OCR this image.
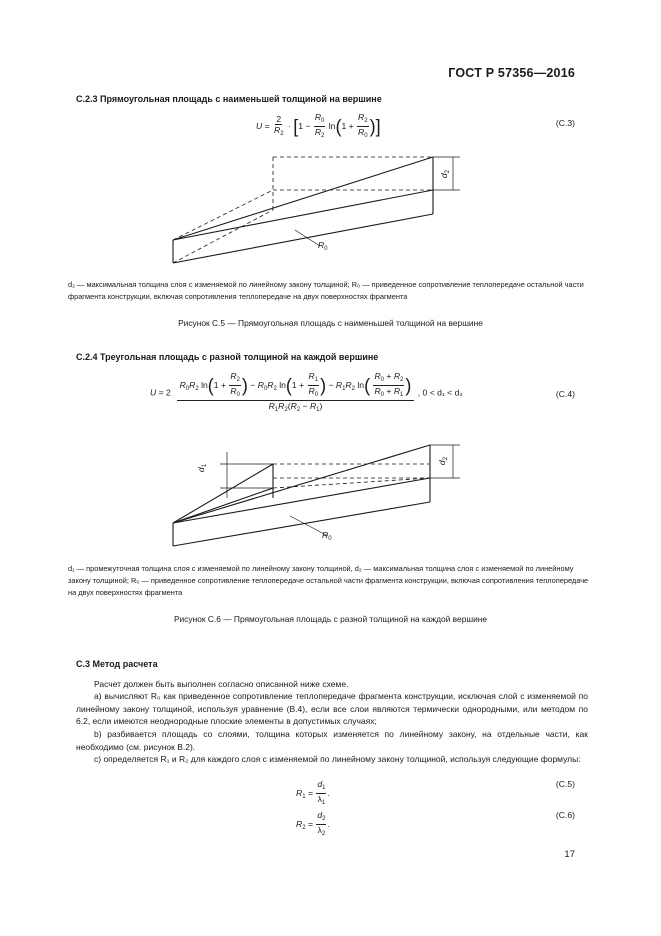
ГОСТ Р 57356—2016
С.2.3 Прямоугольная площадь с наименьшей толщиной на вершине
$U = \frac{2}{R_2} \cdot [1 - \frac{R_0}{R_2} \ln(1 + \frac{R_2}{R_0}$ )]	(С.3)
$d_2$
$R_0$
d₂ — максимальная толщина слоя с изменяемой по линейному закону толщиной; R₀ — приведенное сопротивление теплопередаче остальной части фрагмента конструкции, включая сопротивления теплопередаче на двух поверхностях фрагмента
Рисунок С.5 — Прямоугольная площадь с наименьшей толщиной на вершине
С.2.4 Треугольная площадь с разной толщиной на каждой вершине
U = 2
$R_0R_2$ $\ln(1 + \frac{R_2}{R_0}$ ) − $R_0R_2$ $\ln(1 + \frac{R_1}{R_0}$ ) − $R_1R_2$ $\ln( \frac{R_0 + R_2}{R_0 + R_1}$ )
$R_1R_2(R_2 - R_1)$
, 0 < d₁ < d₂	(С.4)
$d_1$
$d_2$
$R_0$
d₁ — промежуточная толщина слоя с изменяемой по линейному закону толщиной, d₂ — максимальная толщина слоя с изменяемой по линейному закону толщиной; R₀ — приведенное сопротивление теплопередаче остальной части фрагмента конструкции, включая сопротивления теплопередаче на двух поверхностях фрагмента
Рисунок С.6 — Прямоугольная площадь с разной толщиной на каждой вершине
С.3 Метод расчета
Расчет должен быть выполнен согласно описанной ниже схеме.
а) вычисляют R₀ как приведенное сопротивление теплопередаче фрагмента конструкции, исключая слой с изменяемой по линейному закону толщиной, используя уравнение (В.4), если все слои являются термически однородными, или методом по 6.2, если имеются неоднородные плоские элементы в допустимых случаях;
b) разбивается площадь со слоями, толщина которых изменяется по линейному закону, на отдельные части, как необходимо (см. рисунок В.2).
с) определяется R₁ и R₂ для каждого слоя с изменяемой по линейному закону толщиной, используя следующие формулы:
$R_1 = \frac{d_1}{\lambda_1}$ .
(С.5)
$R_2 = \frac{d_2}{\lambda_2}$ .
(С.6)
17
